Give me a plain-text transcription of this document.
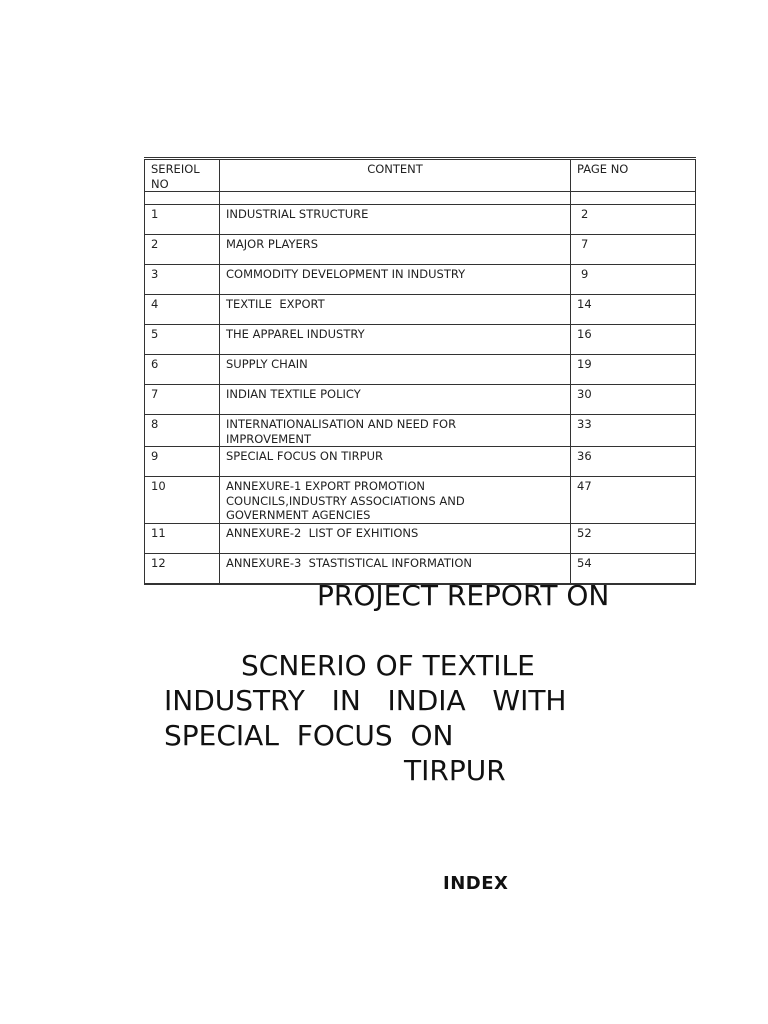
SEREIOL NO	CONTENT	PAGE NO

1	INDUSTRIAL STRUCTURE	2
2	MAJOR PLAYERS	7
3	COMMODITY DEVELOPMENT IN INDUSTRY	9
4	TEXTILE  EXPORT	14
5	THE APPAREL INDUSTRY	16
6	SUPPLY CHAIN	19
7	INDIAN TEXTILE POLICY	30
8	INTERNATIONALISATION AND NEED FOR IMPROVEMENT	33
9	SPECIAL FOCUS ON TIRPUR	36
10	ANNEXURE-1 EXPORT PROMOTION COUNCILS,INDUSTRY ASSOCIATIONS AND GOVERNMENT AGENCIES	47
11	ANNEXURE-2  LIST OF EXHITIONS	52
12	ANNEXURE-3  STASTISTICAL INFORMATION	54
PROJECT REPORT ON
SCNERIO OF TEXTILE
INDUSTRY   IN   INDIA   WITH
SPECIAL  FOCUS  ON
TIRPUR
INDEX
